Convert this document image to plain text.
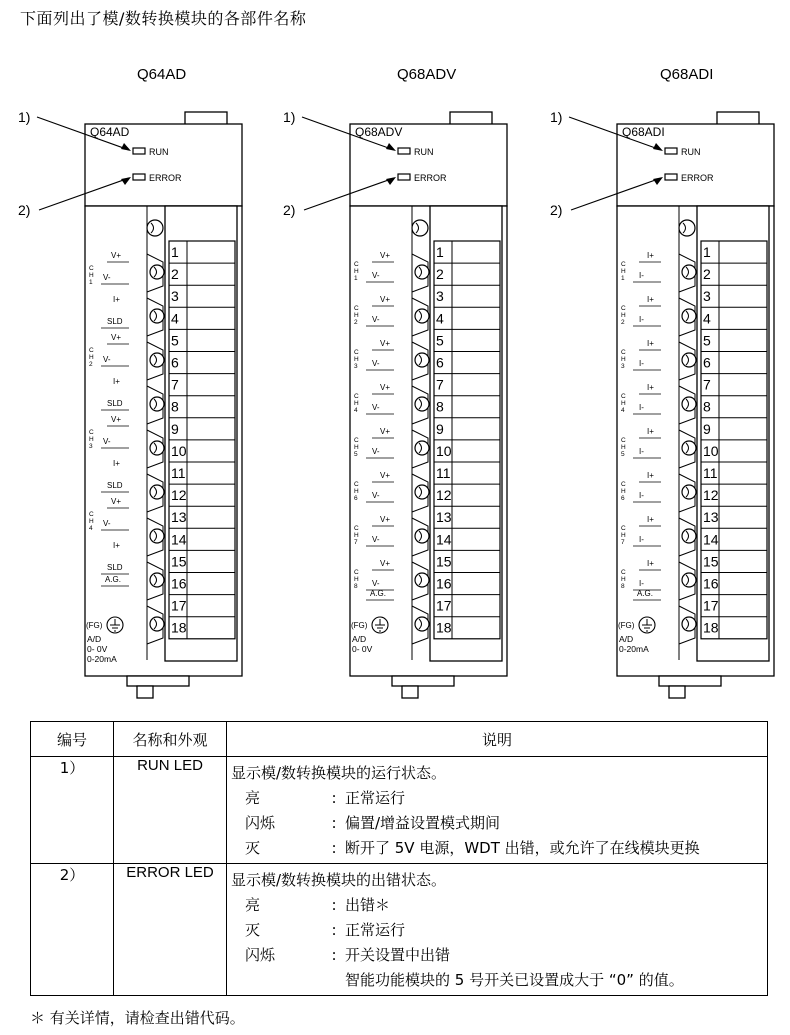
下面列出了模/数转换模块的各部件名称
Q64AD	Q68ADV	Q68ADI
Q64AD
RUN
ERROR
1)
2)
1
2
3
4
5
6
7
8
9
10
11
12
13
14
15
16
17
18
V+
V-
I+
C
H
1
SLD
V+
V-
I+
C
H
2
SLD
V+
V-
I+
C
H
3
SLD
V+
V-
I+
C
H
4
SLD
A.G.
(FG)
A/D
0- 0V
0-20mA
Q68ADV
RUN
ERROR
1)
2)
1
2
3
4
5
6
7
8
9
10
11
12
13
14
15
16
17
18
V+
V-
C
H
1
V+
V-
C
H
2
V+
V-
C
H
3
V+
V-
C
H
4
V+
V-
C
H
5
V+
V-
C
H
6
V+
V-
C
H
7
V+
V-
C
H
8
A.G.
(FG)
A/D
0- 0V
Q68ADI
RUN
ERROR
1)
2)
1
2
3
4
5
6
7
8
9
10
11
12
13
14
15
16
17
18
I+
I-
C
H
1
I+
I-
C
H
2
I+
I-
C
H
3
I+
I-
C
H
4
I+
I-
C
H
5
I+
I-
C
H
6
I+
I-
C
H
7
I+
I-
C
H
8
A.G.
(FG)
A/D
0-20mA
编号	名称和外观	说明
1）	RUN LED	显示模/数转换模块的运行状态。
亮 : 正常运行
闪烁 : 偏置/增益设置模式期间
灭 : 断开了 5V 电源，WDT 出错，或允许了在线模块更换

2）	ERROR LED	显示模/数转换模块的出错状态。
亮 : 出错＊
灭 : 正常运行
闪烁 : 开关设置中出错
智能功能模块的 5 号开关已设置成大于 “0” 的值。
＊ 有关详情，请检查出错代码。
